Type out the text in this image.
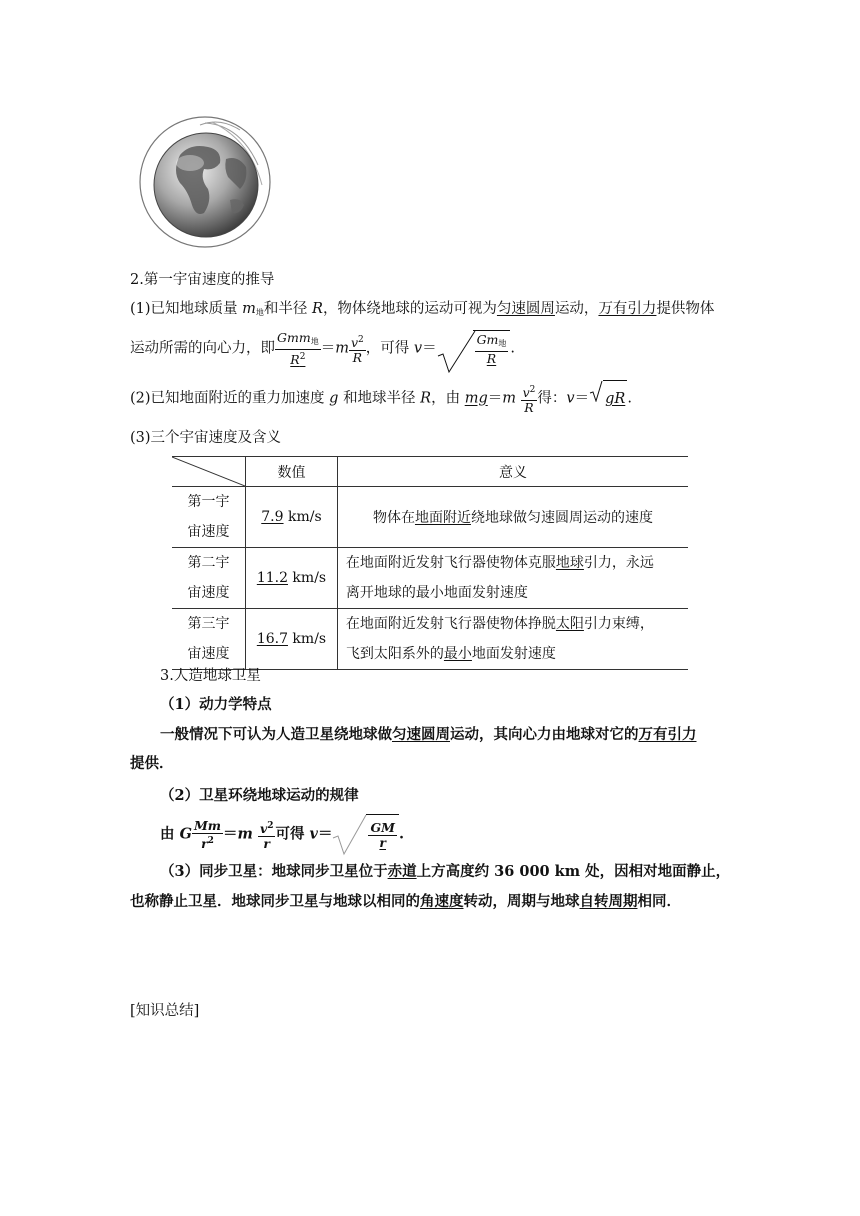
2.第一宇宙速度的推导
(1)已知地球质量 $m_地$和半径 R，物体绕地球的运动可视为匀速圆周运动，万有引力提供物体
运动所需的向心力，即 $\frac{Gmm_地}{R^2} =m \frac{v^2}{R}$ ，可得 v＝	$\frac{Gm_地}{R}$ .
(2)已知地面附近的重力加速度 g 和地球半径 R，由 $mg=m \frac{v^2}{R}$ 得：v＝ gR .
(3)三个宇宙速度及含义
	数值	意义
第一宇
宙速度	7.9 km/s	物体在地面附近绕地球做匀速圆周运动的速度
第二宇
宙速度	11.2 km/s	在地面附近发射飞行器使物体克服地球引力，永远
离开地球的最小地面发射速度
第三宇
宙速度	16.7 km/s	在地面附近发射飞行器使物体挣脱太阳引力束缚，
飞到太阳系外的最小地面发射速度
3.人造地球卫星
（1）动力学特点
一般情况下可认为人造卫星绕地球做匀速圆周运动，其向心力由地球对它的万有引力
提供．
（2）卫星环绕地球运动的规律
由 G $\frac{Mm}{r^2} =m \frac{v^2}{r}$ 可得 v＝	$\frac{GM}{r}$ .
（3）同步卫星：地球同步卫星位于赤道上方高度约 36 000 km 处，因相对地面静止，
也称静止卫星．地球同步卫星与地球以相同的角速度转动，周期与地球自转周期相同．
[知识总结]
